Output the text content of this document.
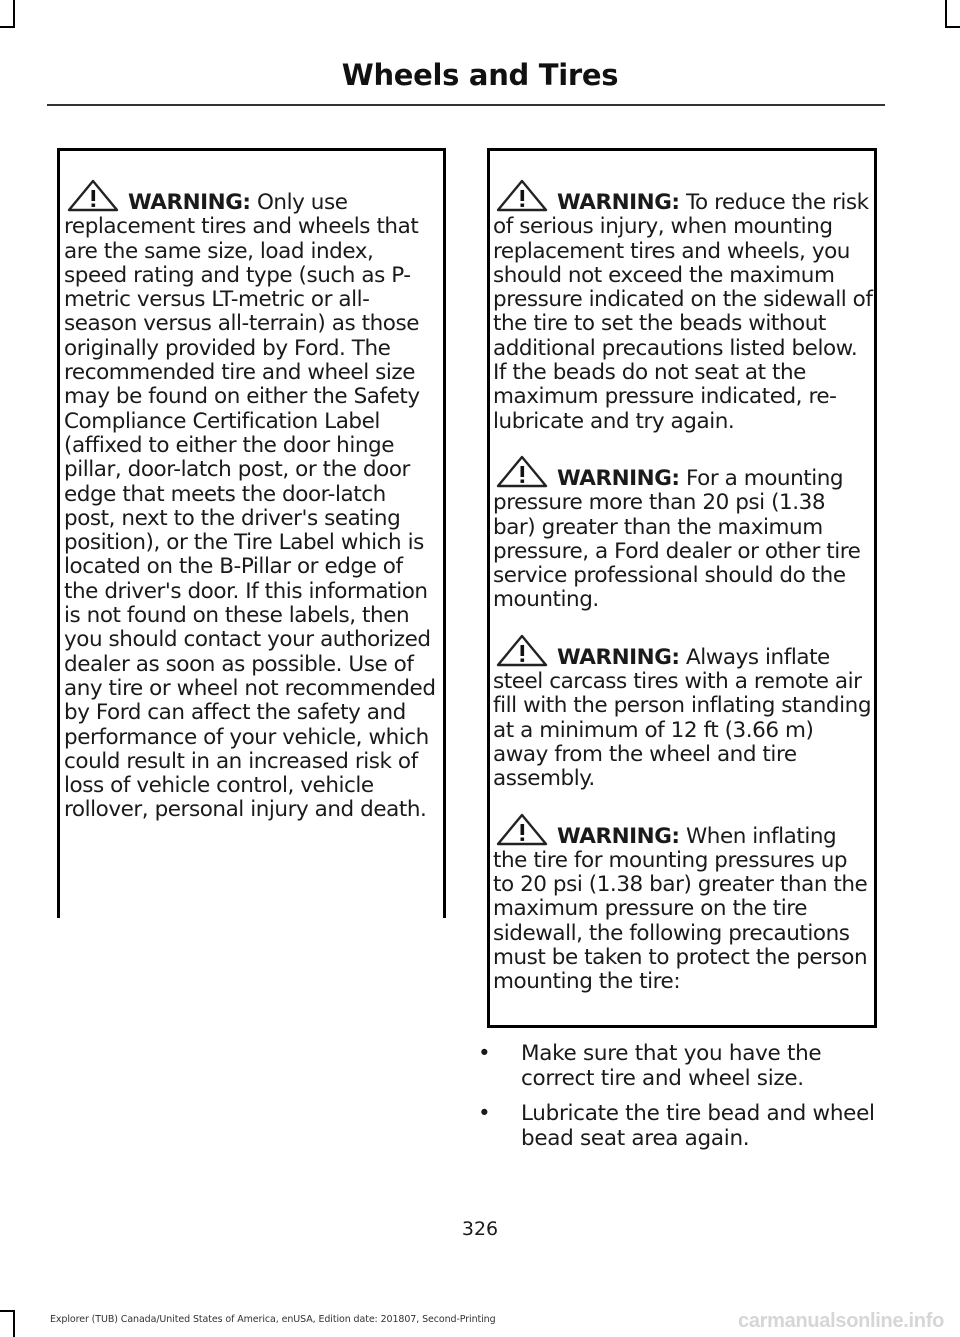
Wheels and Tires

WARNING: Only use replacement tires and wheels that are the same size, load index, speed rating and type (such as P-metric versus LT-metric or all-season versus all-terrain) as those originally provided by Ford. The recommended tire and wheel size may be found on either the Safety Compliance Certification Label (affixed to either the door hinge pillar, door-latch post, or the door edge that meets the door-latch post, next to the driver's seating position), or the Tire Label which is located on the B-Pillar or edge of the driver's door. If this information is not found on these labels, then you should contact your authorized dealer as soon as possible. Use of any tire or wheel not recommended by Ford can affect the safety and performance of your vehicle, which could result in an increased risk of loss of vehicle control, vehicle rollover, personal injury and death.

WARNING: To reduce the risk of serious injury, when mounting replacement tires and wheels, you should not exceed the maximum pressure indicated on the sidewall of the tire to set the beads without additional precautions listed below. If the beads do not seat at the maximum pressure indicated, re-lubricate and try again.

WARNING: For a mounting pressure more than 20 psi (1.38 bar) greater than the maximum pressure, a Ford dealer or other tire service professional should do the mounting.

WARNING: Always inflate steel carcass tires with a remote air fill with the person inflating standing at a minimum of 12 ft (3.66 m) away from the wheel and tire assembly.

WARNING: When inflating the tire for mounting pressures up to 20 psi (1.38 bar) greater than the maximum pressure on the tire sidewall, the following precautions must be taken to protect the person mounting the tire:

• Make sure that you have the correct tire and wheel size.
• Lubricate the tire bead and wheel bead seat area again.
326
Explorer (TUB) Canada/United States of America, enUSA, Edition date: 201807, Second-Printing	carmanualsonline.info
